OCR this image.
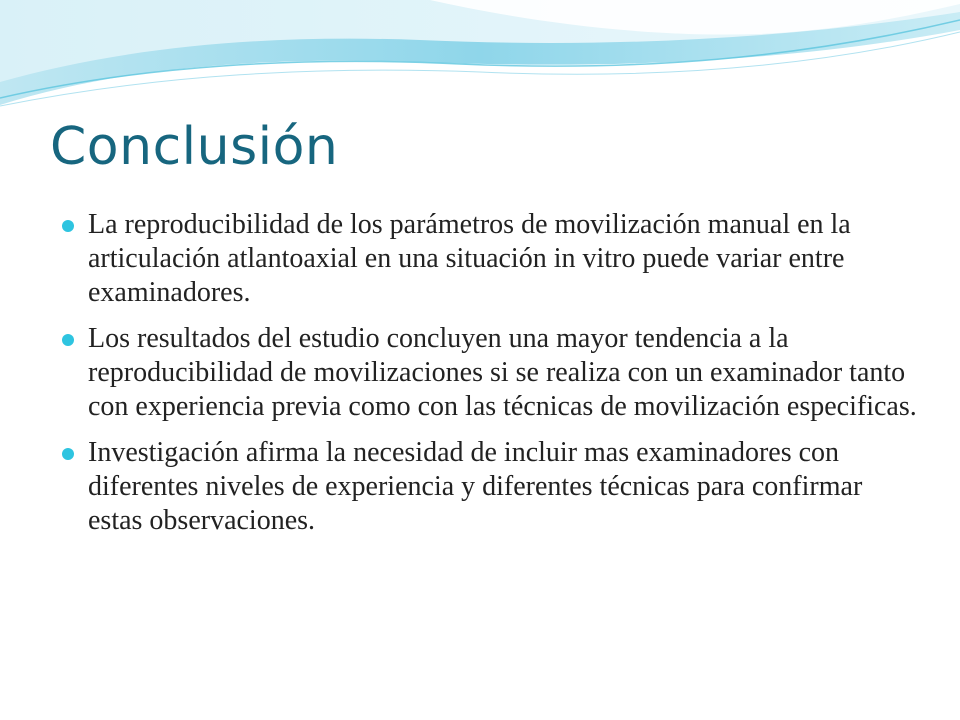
Conclusión
La reproducibilidad de los parámetros de movilización manual en la articulación atlantoaxial en una situación in vitro puede variar entre examinadores.
Los resultados del estudio concluyen una mayor tendencia a la reproducibilidad de movilizaciones si se realiza con un examinador tanto con experiencia previa como con las técnicas de movilización especificas.
Investigación afirma la necesidad de incluir mas examinadores con diferentes niveles de experiencia y diferentes técnicas para confirmar estas observaciones.
